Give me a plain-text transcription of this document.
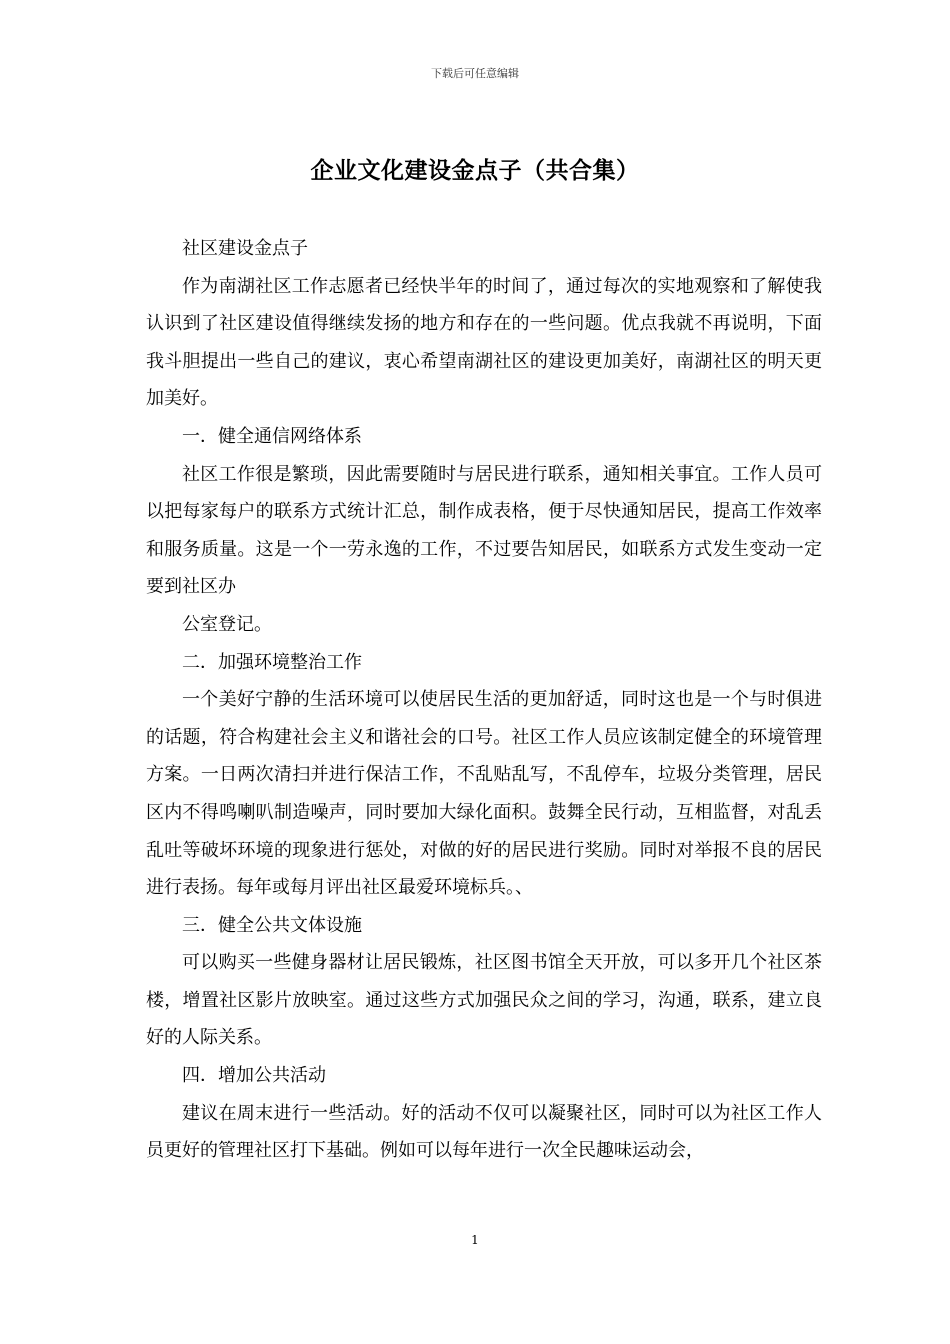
下载后可任意编辑
企业文化建设金点子（共合集）

社区建设金点子

作为南湖社区工作志愿者已经快半年的时间了，通过每次的实地观察和了解使我认识到了社区建设值得继续发扬的地方和存在的一些问题。优点我就不再说明，下面我斗胆提出一些自己的建议，衷心希望南湖社区的建设更加美好，南湖社区的明天更加美好。

一．健全通信网络体系

社区工作很是繁琐，因此需要随时与居民进行联系，通知相关事宜。工作人员可以把每家每户的联系方式统计汇总，制作成表格，便于尽快通知居民，提高工作效率和服务质量。这是一个一劳永逸的工作，不过要告知居民，如联系方式发生变动一定要到社区办

公室登记。

二．加强环境整治工作

一个美好宁静的生活环境可以使居民生活的更加舒适，同时这也是一个与时俱进的话题，符合构建社会主义和谐社会的口号。社区工作人员应该制定健全的环境管理方案。一日两次清扫并进行保洁工作，不乱贴乱写，不乱停车，垃圾分类管理，居民区内不得鸣喇叭制造噪声，同时要加大绿化面积。鼓舞全民行动，互相监督，对乱丢乱吐等破坏环境的现象进行惩处，对做的好的居民进行奖励。同时对举报不良的居民进行表扬。每年或每月评出社区最爱环境标兵。、

三．健全公共文体设施

可以购买一些健身器材让居民锻炼，社区图书馆全天开放，可以多开几个社区茶楼，增置社区影片放映室。通过这些方式加强民众之间的学习，沟通，联系，建立良好的人际关系。

四．增加公共活动

建议在周末进行一些活动。好的活动不仅可以凝聚社区，同时可以为社区工作人员更好的管理社区打下基础。例如可以每年进行一次全民趣味运动会，

1
